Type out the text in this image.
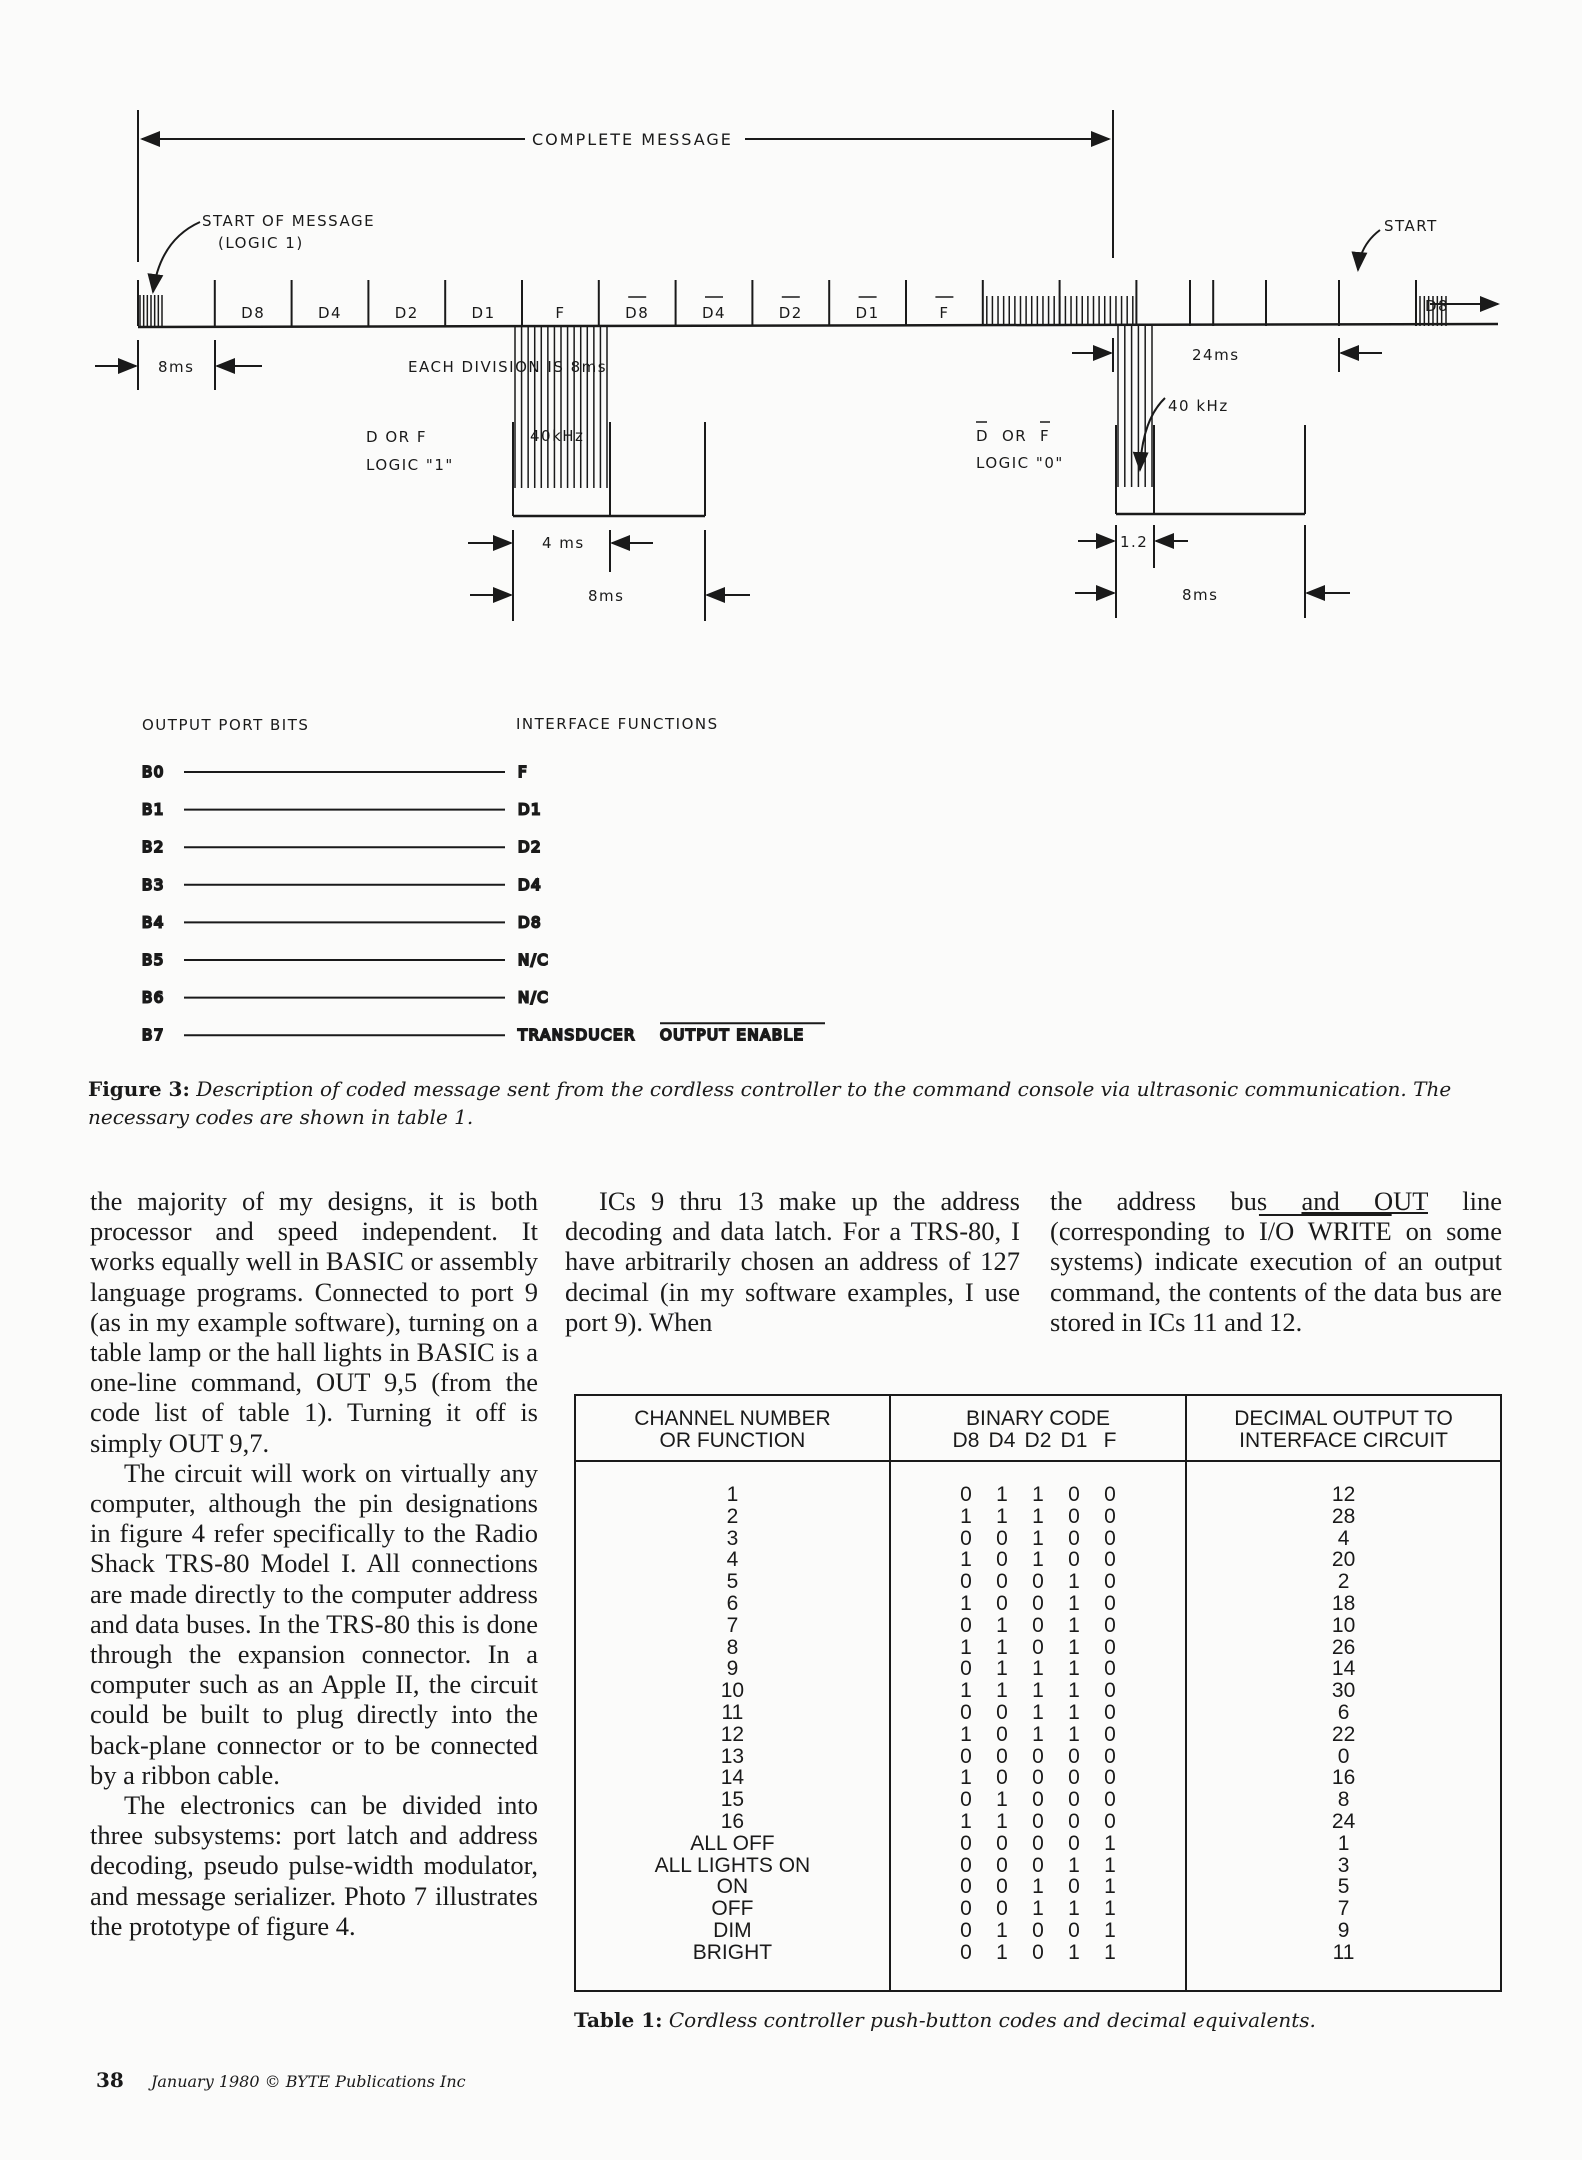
D8	D4	D2	D1	F	D8	D4	D2	D1	F
B0	F
B1	D1
B2	D2
B3	D4
B4	D8
B5	N/C
B6	N/C
B7	TRANSDUCER OUTPUT ENABLE
COMPLETE MESSAGE
START OF MESSAGE
(LOGIC 1)
START
D8
8ms	EACH DIVISION IS 8ms
24ms
D OR F
LOGIC "1"
40kHz
4 ms
8ms
D OR F
LOGIC "0"
40 kHz
1.2
8ms
OUTPUT PORT BITS	INTERFACE FUNCTIONS
Figure 3: Description of coded message sent from the cordless controller to the command console via ultrasonic communication. The necessary codes are shown in table 1.

the majority of my designs, it is both processor and speed independent. It works equally well in BASIC or assembly language programs. Connected to port 9 (as in my example software), turning on a table lamp or the hall lights in BASIC is a one-line command, OUT 9,5 (from the code list of table 1). Turning it off is simply OUT 9,7.

The circuit will work on virtually any computer, although the pin designations in figure 4 refer specifically to the Radio Shack TRS-80 Model I. All connections are made directly to the computer address and data buses. In the TRS-80 this is done through the expansion connector. In a computer such as an Apple II, the circuit could be built to plug directly into the back-plane connector or to be connected by a ribbon cable.

The electronics can be divided into three subsystems: port latch and address decoding, pseudo pulse-width modulator, and message serializer. Photo 7 illustrates the prototype of figure 4.

ICs 9 thru 13 make up the address decoding and data latch. For a TRS-80, I have arbitrarily chosen an address of 127 decimal (in my software examples, I use port 9). When

the address bus and OUT line (corresponding to I/O WRITE on some systems) indicate execution of an output command, the contents of the data bus are stored in ICs 11 and 12.

CHANNEL NUMBER
OR FUNCTION

BINARY CODE
D8 D4 D2 D1 F

DECIMAL OUTPUT TO
INTERFACE CIRCUIT

1	0 1 1 0 0	12
2	1 1 1 0 0	28
3	0 0 1 0 0	4
4	1 0 1 0 0	20
5	0 0 0 1 0	2
6	1 0 0 1 0	18
7	0 1 0 1 0	10
8	1 1 0 1 0	26
9	0 1 1 1 0	14
10	1 1 1 1 0	30
11	0 0 1 1 0	6
12	1 0 1 1 0	22
13	0 0 0 0 0	0
14	1 0 0 0 0	16
15	0 1 0 0 0	8
16	1 1 0 0 0	24
ALL OFF	0 0 0 0 1	1
ALL LIGHTS ON	0 0 0 1 1	3
ON	0 0 1 0 1	5
OFF	0 0 1 1 1	7
DIM	0 1 0 0 1	9
BRIGHT	0 1 0 1 1	11
Table 1: Cordless controller push-button codes and decimal equivalents.
38 January 1980 © BYTE Publications Inc
